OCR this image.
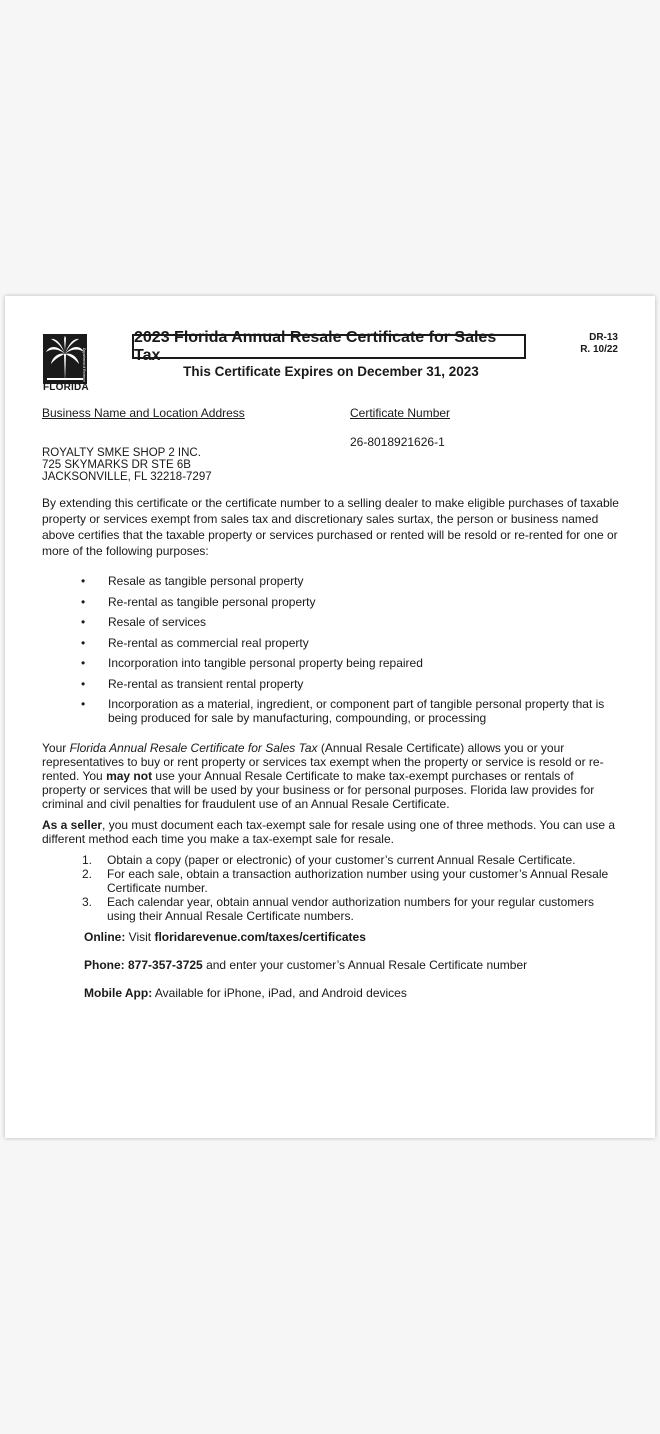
Department of Revenue
FLORIDA
2023 Florida Annual Resale Certificate for Sales Tax
DR-13
R. 10/22
This Certificate Expires on December 31, 2023
Business Name and Location Address	Certificate Number
26-8018921626-1
ROYALTY SMKE SHOP 2 INC.
725 SKYMARKS DR STE 6B
JACKSONVILLE, FL 32218-7297
By extending this certificate or the certificate number to a selling dealer to make eligible purchases of taxable property or services exempt from sales tax and discretionary sales surtax, the person or business named above certifies that the taxable property or services purchased or rented will be resold or re-rented for one or more of the following purposes:
• Resale as tangible personal property
• Re-rental as tangible personal property
• Resale of services
• Re-rental as commercial real property
• Incorporation into tangible personal property being repaired
• Re-rental as transient rental property
• Incorporation as a material, ingredient, or component part of tangible personal property that is being produced for sale by manufacturing, compounding, or processing
Your Florida Annual Resale Certificate for Sales Tax (Annual Resale Certificate) allows you or your representatives to buy or rent property or services tax exempt when the property or service is resold or re-rented. You may not use your Annual Resale Certificate to make tax-exempt purchases or rentals of property or services that will be used by your business or for personal purposes. Florida law provides for criminal and civil penalties for fraudulent use of an Annual Resale Certificate.
As a seller, you must document each tax-exempt sale for resale using one of three methods. You can use a different method each time you make a tax-exempt sale for resale.
1. Obtain a copy (paper or electronic) of your customer’s current Annual Resale Certificate.
2. For each sale, obtain a transaction authorization number using your customer’s Annual Resale Certificate number.
3. Each calendar year, obtain annual vendor authorization numbers for your regular customers using their Annual Resale Certificate numbers.
Online: Visit floridarevenue.com/taxes/certificates
Phone: 877-357-3725 and enter your customer’s Annual Resale Certificate number
Mobile App: Available for iPhone, iPad, and Android devices
